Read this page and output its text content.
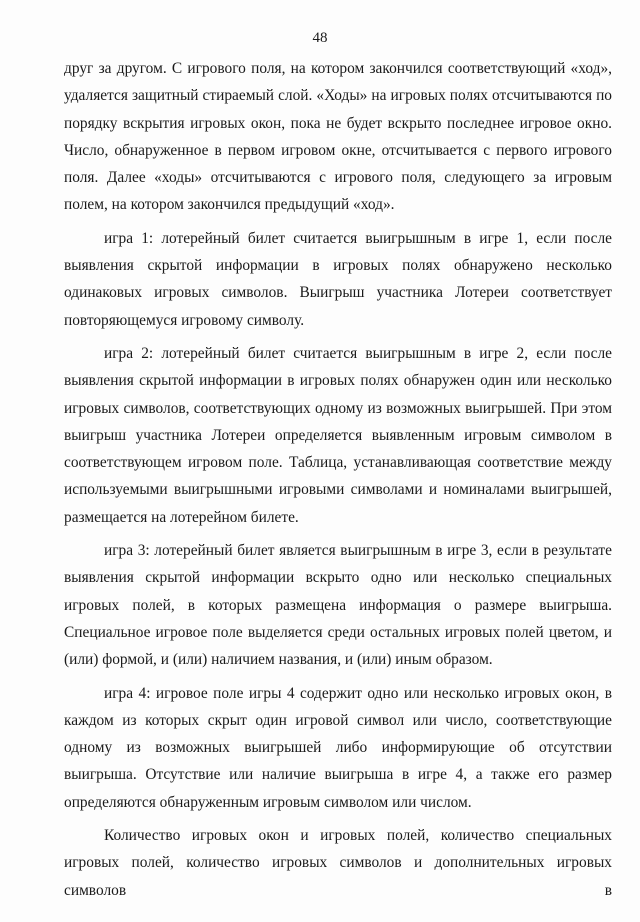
48

друг за другом. С игрового поля, на котором закончился соответствующий «ход», удаляется защитный стираемый слой. «Ходы» на игровых полях отсчитываются по порядку вскрытия игровых окон, пока не будет вскрыто последнее игровое окно. Число, обнаруженное в первом игровом окне, отсчитывается с первого игрового поля. Далее «ходы» отсчитываются с игрового поля, следующего за игровым полем, на котором закончился предыдущий «ход».

игра 1: лотерейный билет считается выигрышным в игре 1, если после выявления скрытой информации в игровых полях обнаружено несколько одинаковых игровых символов. Выигрыш участника Лотереи соответствует повторяющемуся игровому символу.

игра 2: лотерейный билет считается выигрышным в игре 2, если после выявления скрытой информации в игровых полях обнаружен один или несколько игровых символов, соответствующих одному из возможных выигрышей. При этом выигрыш участника Лотереи определяется выявленным игровым символом в соответствующем игровом поле. Таблица, устанавливающая соответствие между используемыми выигрышными игровыми символами и номиналами выигрышей, размещается на лотерейном билете.

игра 3: лотерейный билет является выигрышным в игре 3, если в результате выявления скрытой информации вскрыто одно или несколько специальных игровых полей, в которых размещена информация о размере выигрыша. Специальное игровое поле выделяется среди остальных игровых полей цветом, и (или) формой, и (или) наличием названия, и (или) иным образом.

игра 4: игровое поле игры 4 содержит одно или несколько игровых окон, в каждом из которых скрыт один игровой символ или число, соответствующие одному из возможных выигрышей либо информирующие об отсутствии выигрыша. Отсутствие или наличие выигрыша в игре 4, а также его размер определяются обнаруженным игровым символом или числом.

Количество игровых окон и игровых полей, количество специальных игровых полей, количество игровых символов и дополнительных игровых символов в
